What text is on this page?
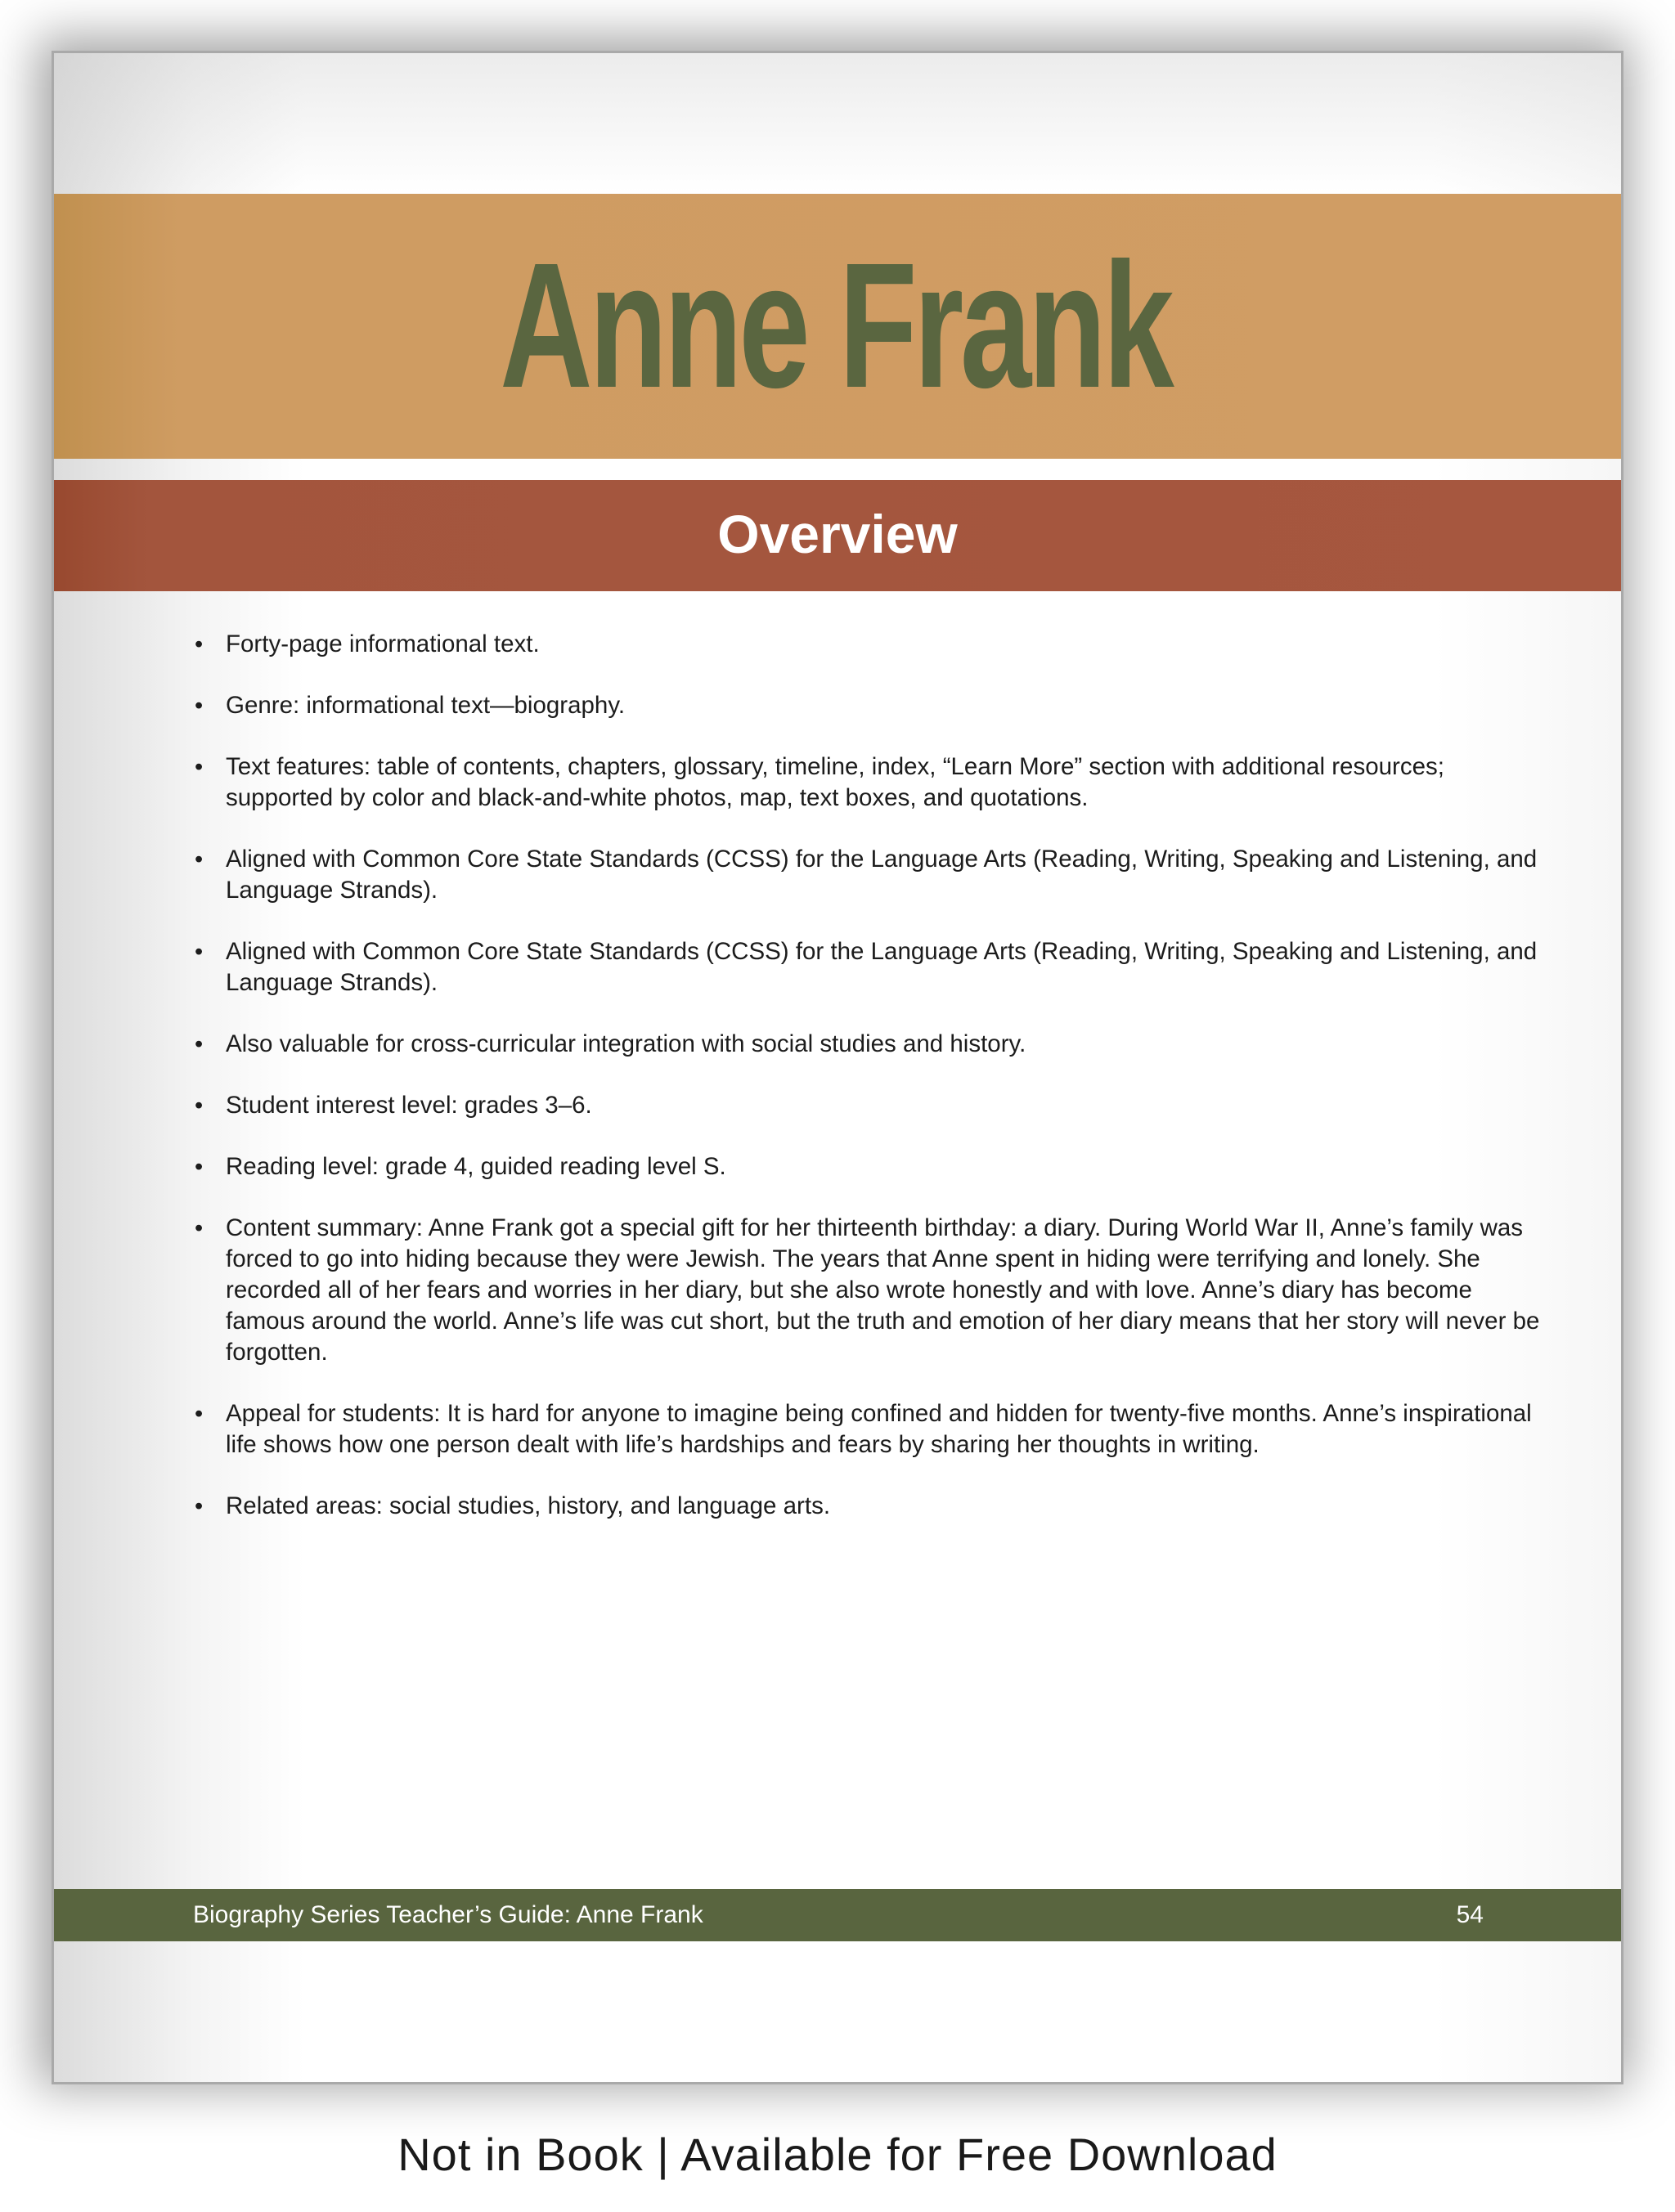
Anne Frank
Overview
• Forty-page informational text.
• Genre: informational text—biography.
• Text features: table of contents, chapters, glossary, timeline, index, “Learn More” section with additional resources; supported by color and black-and-white photos, map, text boxes, and quotations.
• Aligned with Common Core State Standards (CCSS) for the Language Arts (Reading, Writing, Speaking and Listening, and Language Strands).
• Aligned with Common Core State Standards (CCSS) for the Language Arts (Reading, Writing, Speaking and Listening, and Language Strands).
• Also valuable for cross-curricular integration with social studies and history.
• Student interest level: grades 3–6.
• Reading level: grade 4, guided reading level S.
• Content summary: Anne Frank got a special gift for her thirteenth birthday: a diary. During World War II, Anne’s family was forced to go into hiding because they were Jewish. The years that Anne spent in hiding were terrifying and lonely. She recorded all of her fears and worries in her diary, but she also wrote honestly and with love. Anne’s diary has become famous around the world. Anne’s life was cut short, but the truth and emotion of her diary means that her story will never be forgotten.
• Appeal for students: It is hard for anyone to imagine being confined and hidden for twenty-five months. Anne’s inspirational life shows how one person dealt with life’s hardships and fears by sharing her thoughts in writing.
• Related areas: social studies, history, and language arts.
Biography Series Teacher’s Guide: Anne Frank	54
Not in Book | Available for Free Download
